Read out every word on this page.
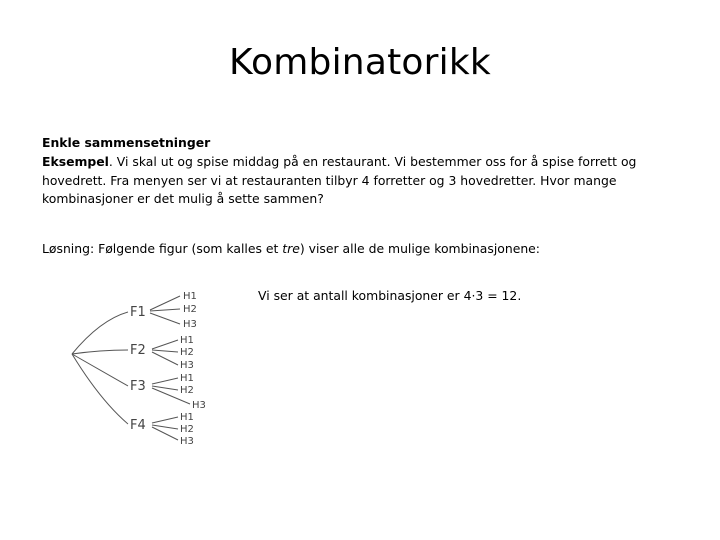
Kombinatorikk
Enkle sammensetninger
Eksempel. Vi skal ut og spise middag på en restaurant. Vi bestemmer oss for å spise forrett og hovedrett. Fra menyen ser vi at restauranten tilbyr 4 forretter og 3 hovedretter. Hvor mange kombinasjoner er det mulig å sette sammen?
Løsning: Følgende figur (som kalles et tre) viser alle de mulige kombinasjonene:
F1
F2
F3
F4
H1
H2
H3
H1
H2
H3
H1
H2
H3
H1
H2
H3
Vi ser at antall kombinasjoner er 4·3 = 12.
